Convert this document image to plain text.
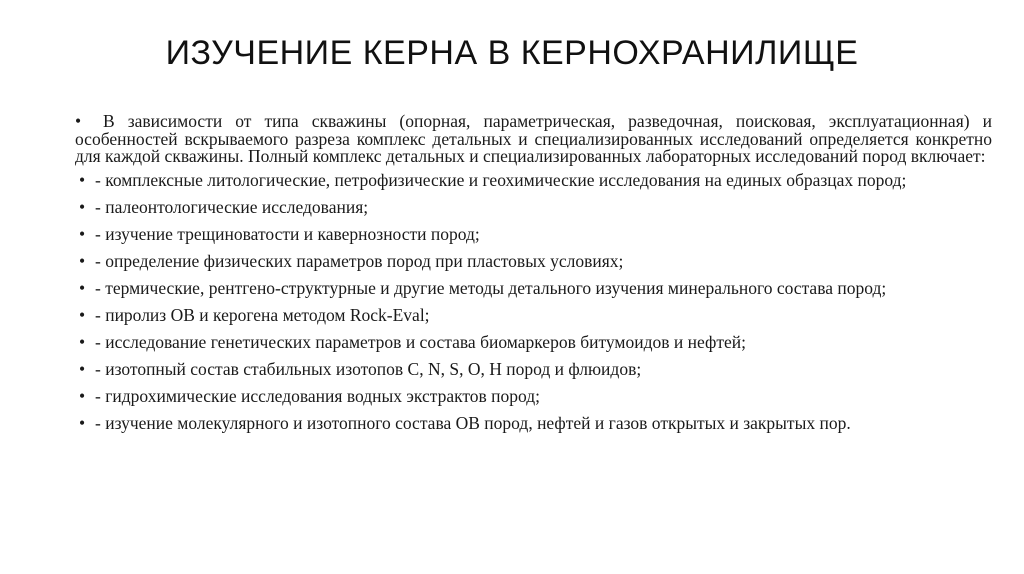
ИЗУЧЕНИЕ КЕРНА В КЕРНОХРАНИЛИЩЕ

• В зависимости от типа скважины (опорная, параметрическая, разведочная, поисковая, эксплуатационная) и особенностей вскрываемого разреза комплекс детальных и специализированных исследований определяется конкретно для каждой скважины. Полный комплекс детальных и специализированных лабораторных исследований пород включает:

• - комплексные литологические, петрофизические и геохимические исследования на единых образцах пород;
• - палеонтологические исследования;
• - изучение трещиноватости и кавернозности пород;
• - определение физических параметров пород при пластовых условиях;
• - термические, рентгено-структурные и другие методы детального изучения минерального состава пород;
• - пиролиз ОВ и керогена методом Rock-Eval;
• - исследование генетических параметров и состава биомаркеров битумоидов и нефтей;
• - изотопный состав стабильных изотопов С, N, S, O, H пород и флюидов;
• - гидрохимические исследования водных экстрактов пород;
• - изучение молекулярного и изотопного состава ОВ пород, нефтей и газов открытых и закрытых пор.
